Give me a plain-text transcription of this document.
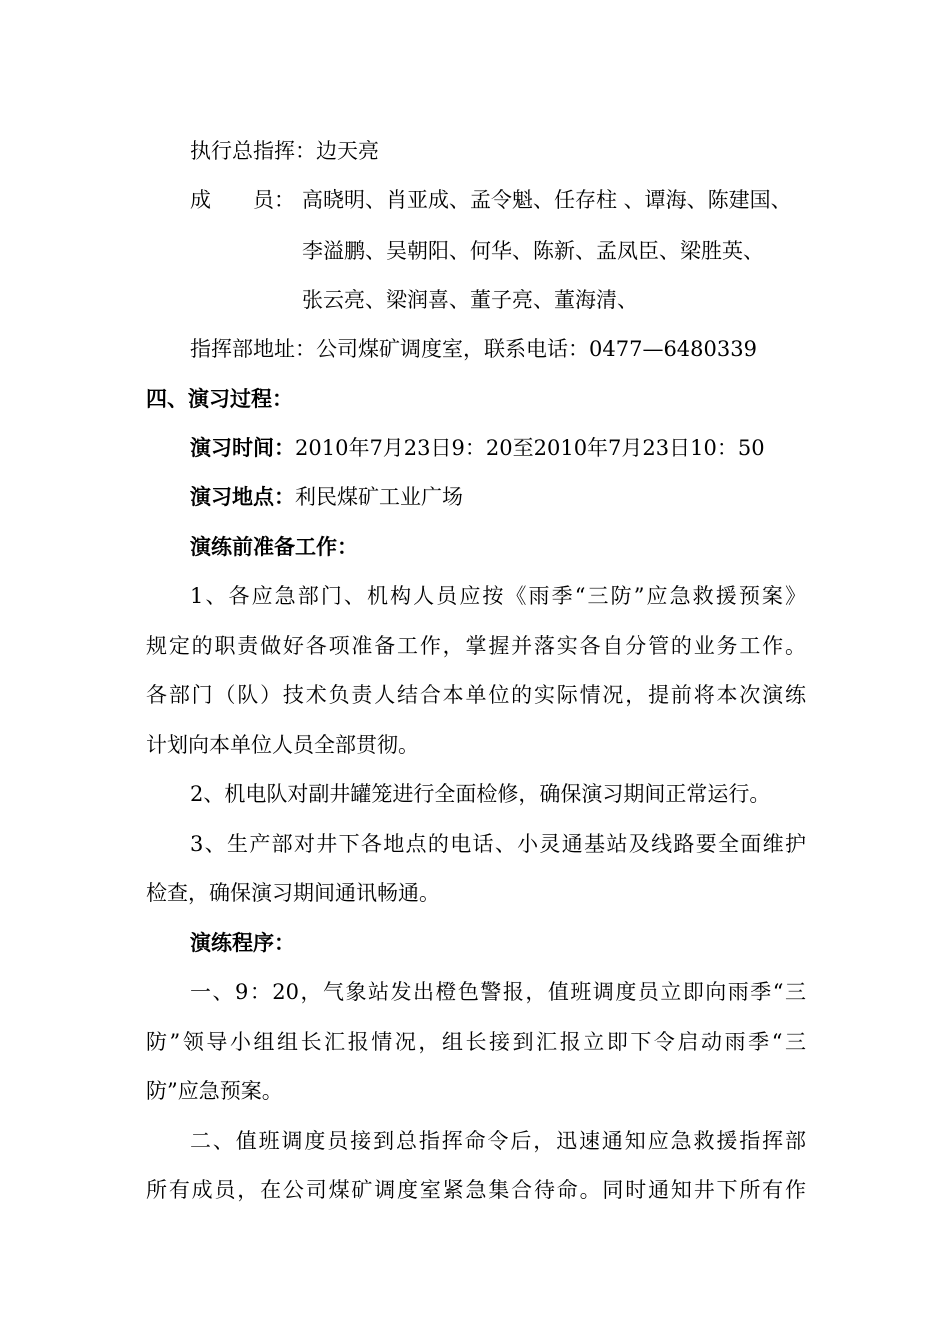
执行总指挥：边天亮
成　　员： 高晓明、肖亚成、孟令魁、任存柱 、谭海、陈建国、
李溢鹏、吴朝阳、何华、陈新、孟凤臣、梁胜英、
张云亮、梁润喜、董子亮、董海清、
指挥部地址：公司煤矿调度室，联系电话：0477—6480339
四、演习过程：
演习时间：2010年7月23日9：20至2010年7月23日10：50
演习地点：利民煤矿工业广场
演练前准备工作：
1、各应急部门、机构人员应按《雨季“三防”应急救援预案》
规定的职责做好各项准备工作，掌握并落实各自分管的业务工作。
各部门（队）技术负责人结合本单位的实际情况，提前将本次演练
计划向本单位人员全部贯彻。
2、机电队对副井罐笼进行全面检修，确保演习期间正常运行。
3、生产部对井下各地点的电话、小灵通基站及线路要全面维护
检查，确保演习期间通讯畅通。
演练程序：
一、9：20，气象站发出橙色警报，值班调度员立即向雨季“三
防”领导小组组长汇报情况，组长接到汇报立即下令启动雨季“三
防”应急预案。
二、值班调度员接到总指挥命令后，迅速通知应急救援指挥部
所有成员，在公司煤矿调度室紧急集合待命。同时通知井下所有作
